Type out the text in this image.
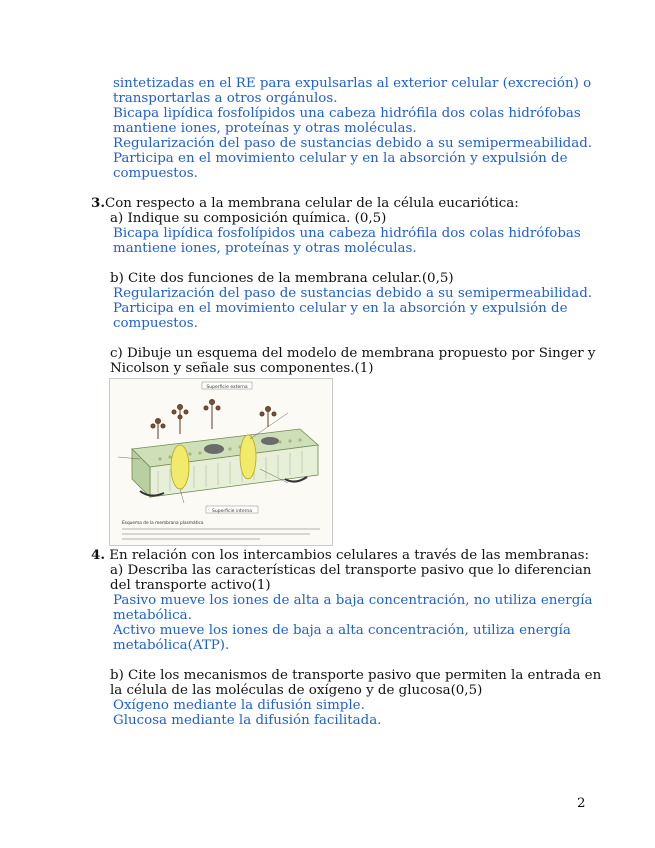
sintetizadas en el RE para expulsarlas al exterior celular (excreción) o
transportarlas a otros orgánulos.
Bicapa lipídica fosfolípidos una cabeza hidrófila dos colas hidrófobas
mantiene iones, proteínas y otras moléculas.
Regularización del paso de sustancias debido a su semipermeabilidad.
Participa en el movimiento celular y en la absorción y expulsión de
compuestos.
3.Con respecto a la membrana celular de la célula eucariótica:
a) Indique su composición química. (0,5)
Bicapa lipídica fosfolípidos una cabeza hidrófila dos colas hidrófobas
mantiene iones, proteínas y otras moléculas.
b) Cite dos funciones de la membrana celular.(0,5)
Regularización del paso de sustancias debido a su semipermeabilidad.
Participa en el movimiento celular y en la absorción y expulsión de
compuestos.
c) Dibuje un esquema del modelo de membrana propuesto por Singer y
Nicolson y señale sus componentes.(1)
Superficie externa
Superficie interna
Esquema de la membrana plasmática
4. En relación con los intercambios celulares a través de las membranas:
a) Describa las características del transporte pasivo que lo diferencian
del transporte activo(1)
Pasivo mueve los iones de alta a baja concentración, no utiliza energía
metabólica.
Activo mueve los iones de baja a alta concentración, utiliza energía
metabólica(ATP).
b) Cite los mecanismos de transporte pasivo que permiten la entrada en
la célula de las moléculas de oxígeno y de glucosa(0,5)
Oxígeno mediante la difusión simple.
Glucosa mediante la difusión facilitada.
2
